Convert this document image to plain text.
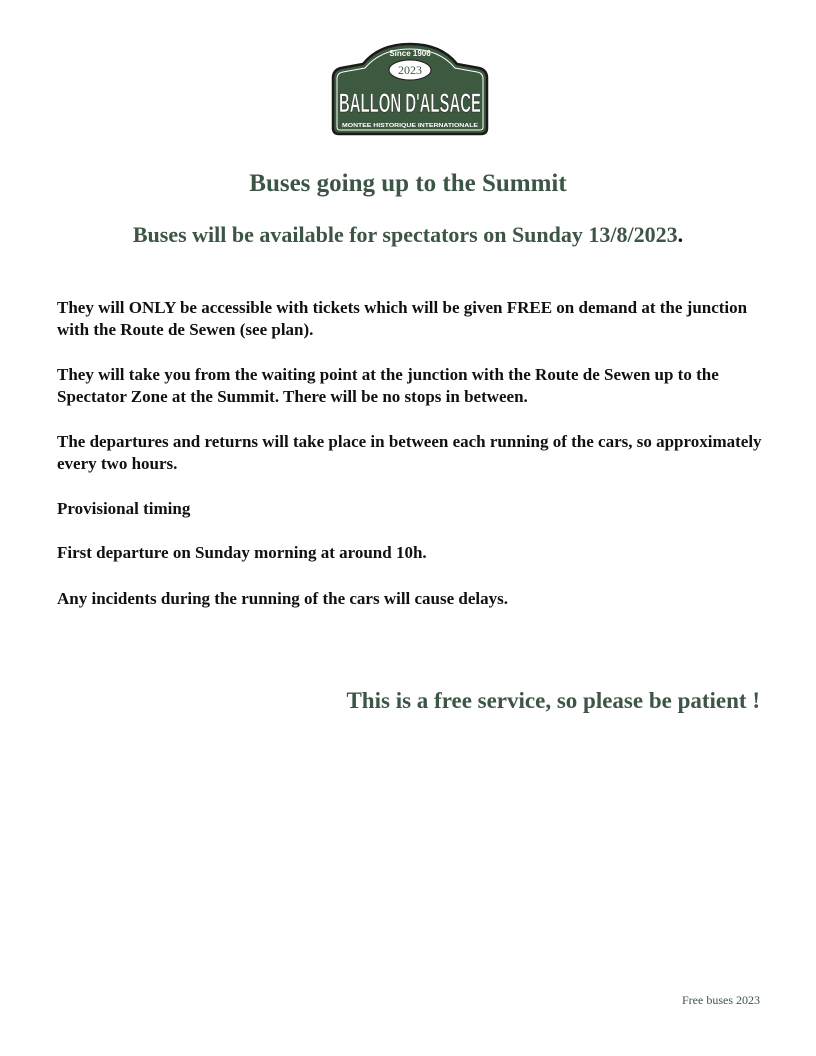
Since 1906
2023
BALLON D'ALSACE
MONTEE HISTORIQUE INTERNATIONALE
Buses going up to the Summit
Buses will be available for spectators on Sunday 13/8/2023.

They will ONLY be accessible with tickets which will be given FREE on demand at the junction with the Route de Sewen (see plan).

They will take you from the waiting point at the junction with the Route de Sewen up to the Spectator Zone at the Summit. There will be no stops in between.

The departures and returns will take place in between each running of the cars, so approximately every two hours.

Provisional timing

First departure on Sunday morning at around 10h.

Any incidents during the running of the cars will cause delays.

This is a free service, so please be patient !

Free buses 2023
